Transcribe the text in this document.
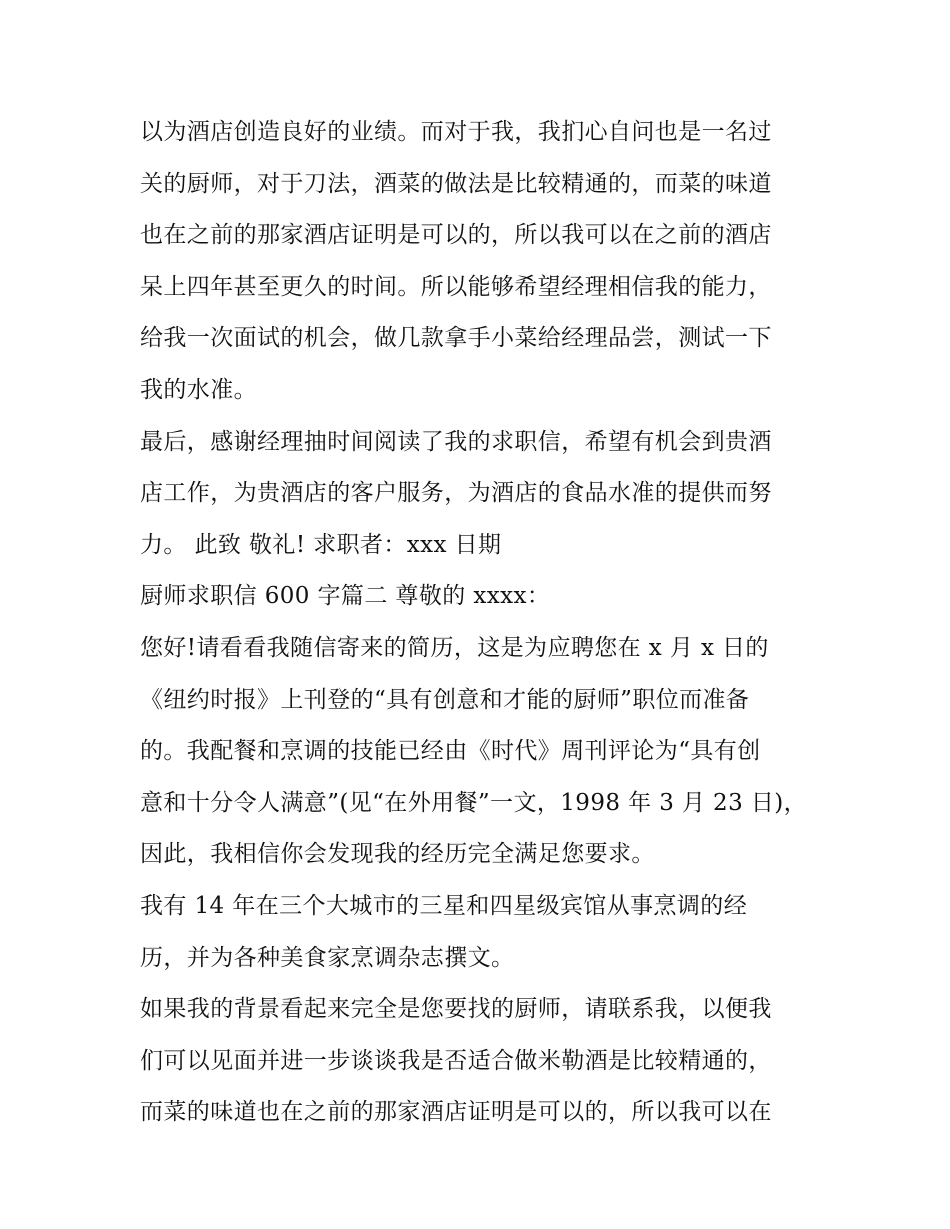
以为酒店创造良好的业绩。而对于我，我扪心自问也是一名过
关的厨师，对于刀法，酒菜的做法是比较精通的，而菜的味道
也在之前的那家酒店证明是可以的，所以我可以在之前的酒店
呆上四年甚至更久的时间。所以能够希望经理相信我的能力，
给我一次面试的机会，做几款拿手小菜给经理品尝，测试一下
我的水准。
最后，感谢经理抽时间阅读了我的求职信，希望有机会到贵酒
店工作，为贵酒店的客户服务，为酒店的食品水准的提供而努
力。 此致 敬礼! 求职者：xxx 日期
厨师求职信 600 字篇二 尊敬的 xxxx：
您好!请看看我随信寄来的简历，这是为应聘您在 x 月 x 日的
《纽约时报》上刊登的“具有创意和才能的厨师”职位而准备
的。我配餐和烹调的技能已经由《时代》周刊评论为“具有创
意和十分令人满意”(见“在外用餐”一文，1998 年 3 月 23 日)，
因此，我相信你会发现我的经历完全满足您要求。
我有 14 年在三个大城市的三星和四星级宾馆从事烹调的经
历，并为各种美食家烹调杂志撰文。
如果我的背景看起来完全是您要找的厨师，请联系我，以便我
们可以见面并进一步谈谈我是否适合做米勒酒是比较精通的，
而菜的味道也在之前的那家酒店证明是可以的，所以我可以在
